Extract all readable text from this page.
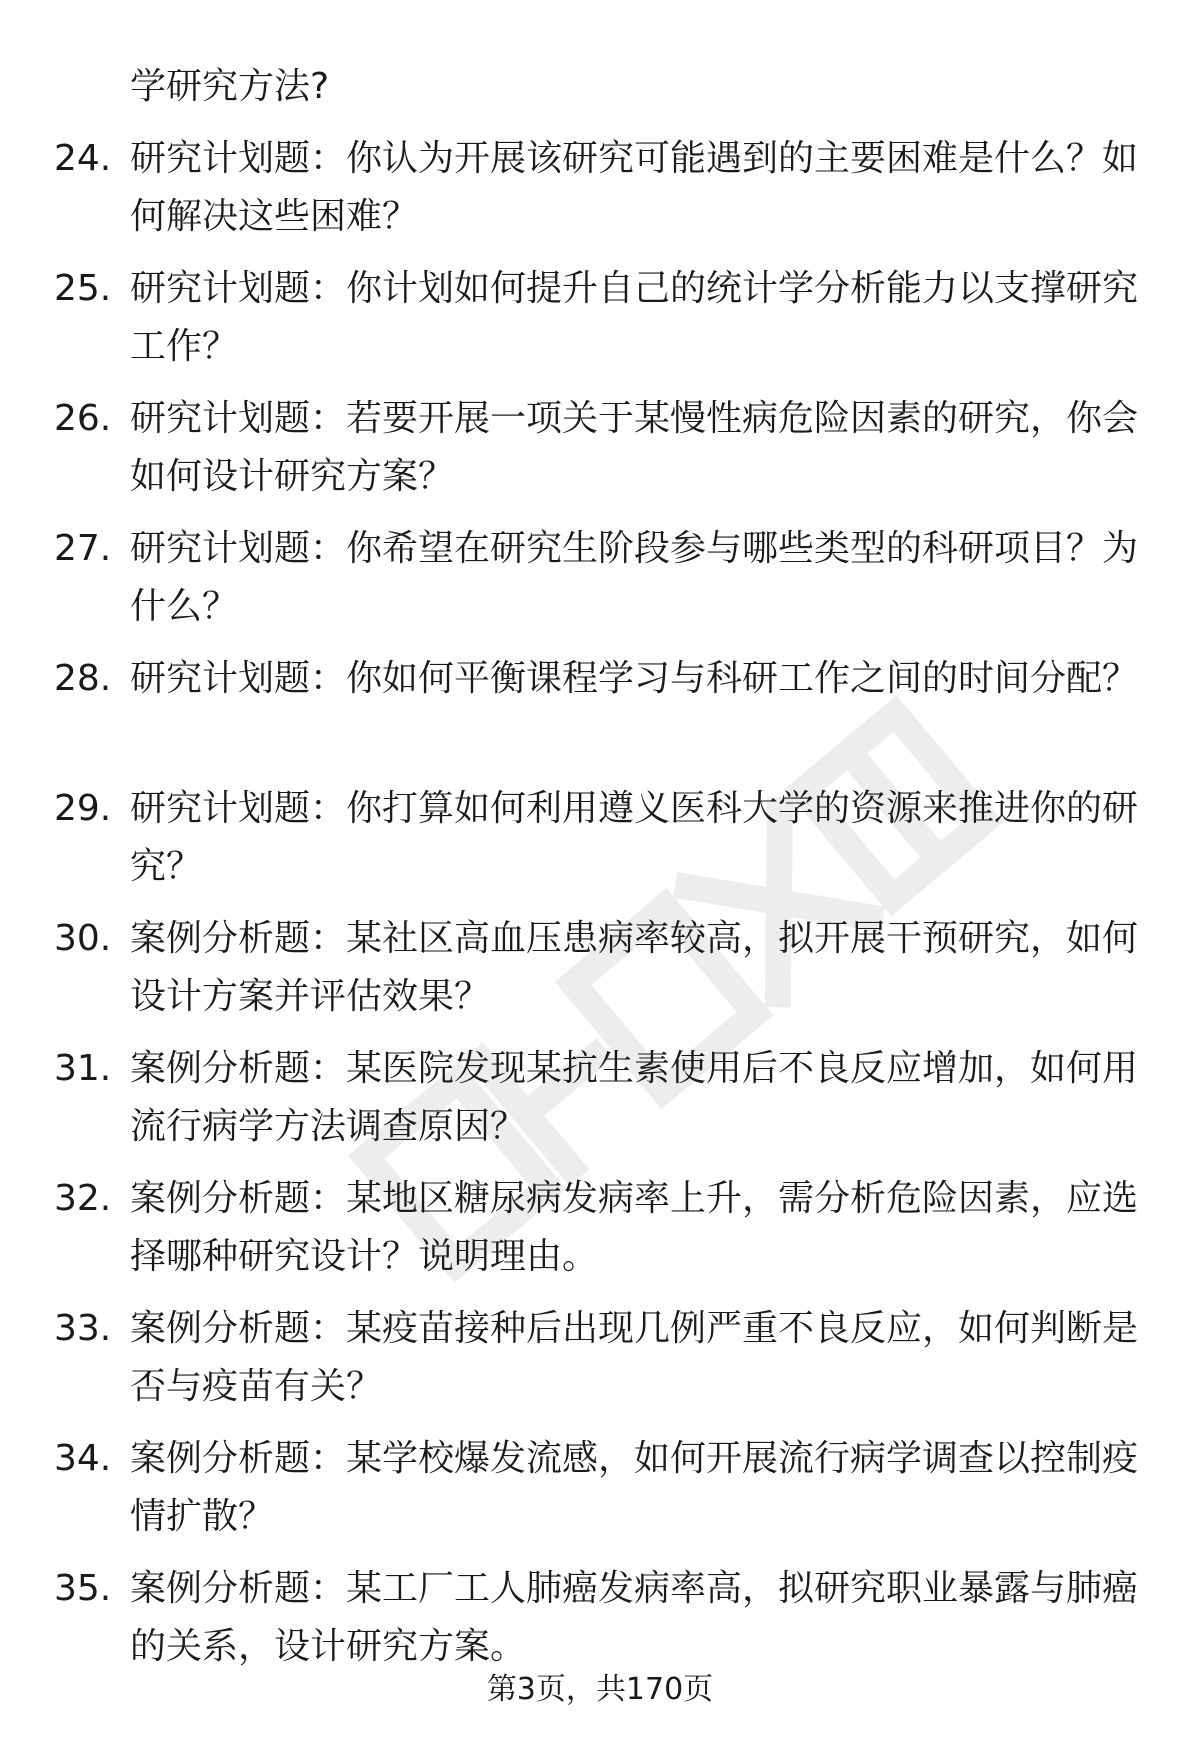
学研究方法?
24. 研究计划题：你认为开展该研究可能遇到的主要困难是什么？如何解决这些困难？
25. 研究计划题：你计划如何提升自己的统计学分析能力以支撑研究工作？
26. 研究计划题：若要开展一项关于某慢性病危险因素的研究，你会如何设计研究方案？
27. 研究计划题：你希望在研究生阶段参与哪些类型的科研项目？为什么？
28. 研究计划题：你如何平衡课程学习与科研工作之间的时间分配？
29. 研究计划题：你打算如何利用遵义医科大学的资源来推进你的研究？
30. 案例分析题：某社区高血压患病率较高，拟开展干预研究，如何设计方案并评估效果？
31. 案例分析题：某医院发现某抗生素使用后不良反应增加，如何用流行病学方法调查原因？
32. 案例分析题：某地区糖尿病发病率上升，需分析危险因素，应选择哪种研究设计？说明理由。
33. 案例分析题：某疫苗接种后出现几例严重不良反应，如何判断是否与疫苗有关？
34. 案例分析题：某学校爆发流感，如何开展流行病学调查以控制疫情扩散？
35. 案例分析题：某工厂工人肺癌发病率高，拟研究职业暴露与肺癌的关系，设计研究方案。
第3页，共170页
